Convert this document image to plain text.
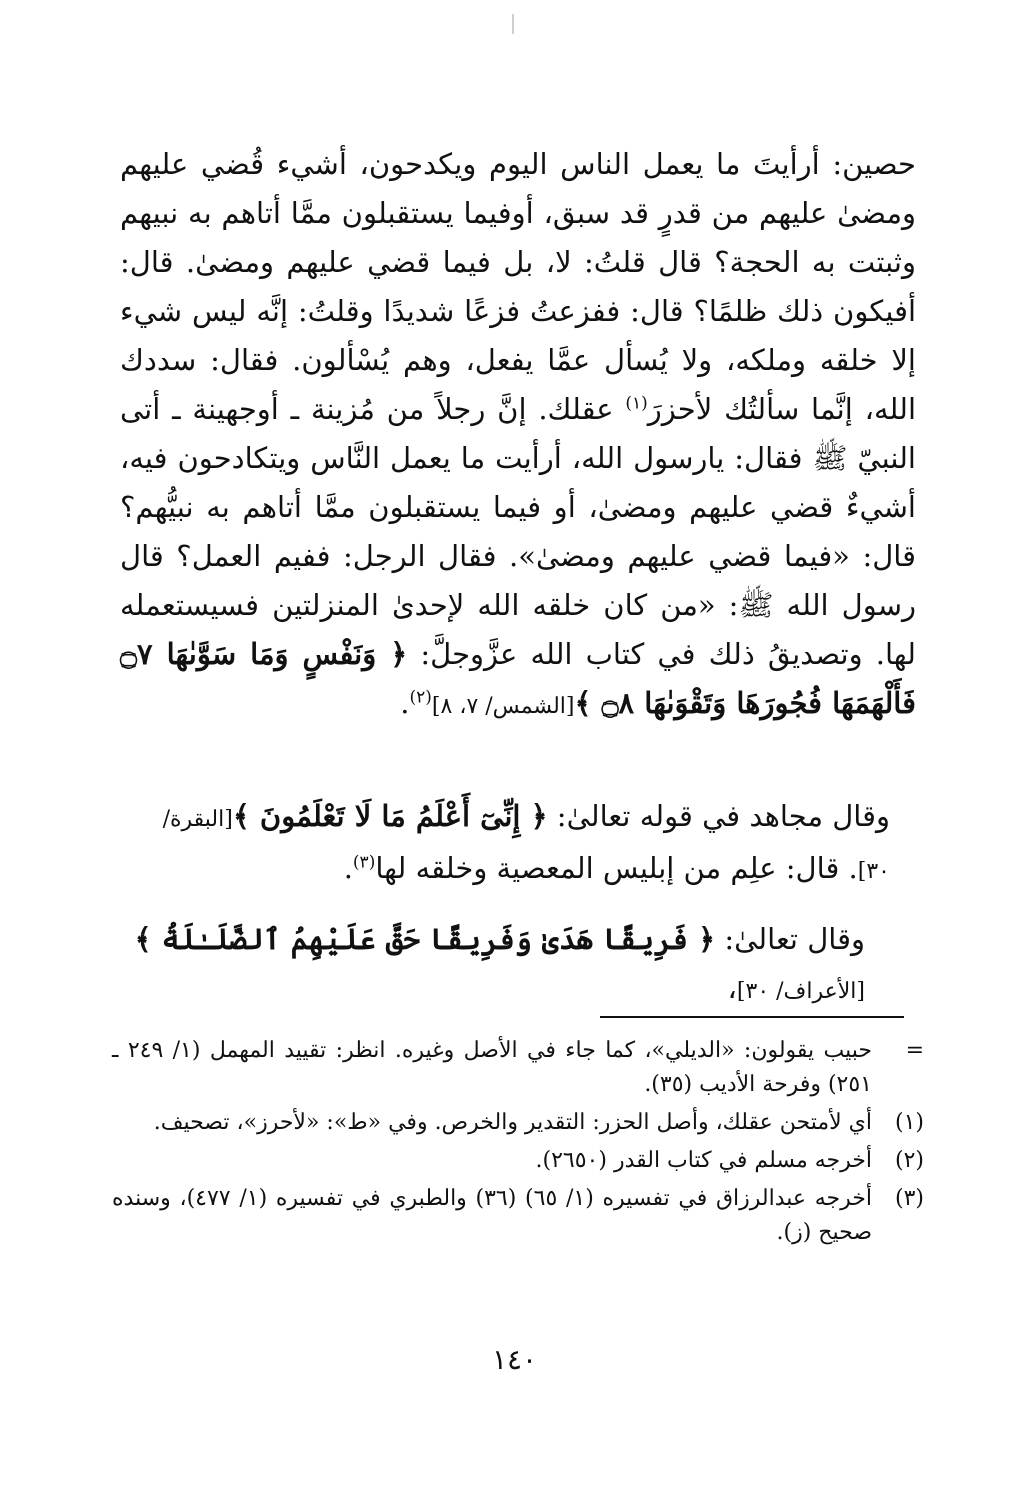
حصين: أرأيتَ ما يعمل الناس اليوم ويكدحون، أشيء قُضي عليهم ومضىٰ عليهم من قدرٍ قد سبق، أوفيما يستقبلون ممَّا أتاهم به نبيهم وثبتت به الحجة؟ قال قلتُ: لا، بل فيما قضي عليهم ومضىٰ. قال: أفيكون ذلك ظلمًا؟ قال: ففزعتُ فزعًا شديدًا وقلتُ: إنَّه ليس شيء إلا خلقه وملكه، ولا يُسأل عمَّا يفعل، وهم يُسْألون. فقال: سددك الله، إنَّما سألتُك لأحزرَ$^{(١)}$ عقلك. إنَّ رجلاً من مُزينة ـ أوجهينة ـ أتى النبيّ ﷺ فقال: يارسول الله، أرأيت ما يعمل النَّاس ويتكادحون فيه، أشيءٌ قضي عليهم ومضىٰ، أو فيما يستقبلون ممَّا أتاهم به نبيُّهم؟ قال: «فيما قضي عليهم ومضىٰ». فقال الرجل: ففيم العمل؟ قال رسول الله ﷺ: «من كان خلقه الله لإحدىٰ المنزلتين فسيستعمله لها. وتصديقُ ذلك في كتاب الله عزَّوجلَّ: ﴿ وَنَفْسٍ وَمَا سَوَّىٰهَا ۝٧ فَأَلْهَمَهَا فُجُورَهَا وَتَقْوَىٰهَا ۝٨ ﴾[الشمس/ ٧، ٨]$^{(٢)}$.

وقال مجاهد في قوله تعالىٰ: ﴿ إِنِّىٓ أَعْلَمُ مَا لَا تَعْلَمُونَ ﴾[البقرة/ ٣٠]. قال: علِم من إبليس المعصية وخلقه لها$^{(٣)}$.
وقال تعالىٰ: ﴿ فَرِيقًا هَدَىٰ وَفَرِيقًا حَقَّ عَلَيْهِمُ ٱلضَّلَـٰلَةُ ﴾[الأعراف/ ٣٠]،
=
حبيب يقولون: «الديلي»، كما جاء في الأصل وغيره. انظر: تقييد المهمل (١/ ٢٤٩ ـ ٢٥١) وفرحة الأديب (٣٥).
(١)
أي لأمتحن عقلك، وأصل الحزر: التقدير والخرص. وفي «ط»: «لأحرز»، تصحيف.
(٢)
أخرجه مسلم في كتاب القدر (٢٦٥٠).
(٣)
أخرجه عبدالرزاق في تفسيره (١/ ٦٥) (٣٦) والطبري في تفسيره (١/ ٤٧٧)، وسنده صحيح (ز).
١٤٠
